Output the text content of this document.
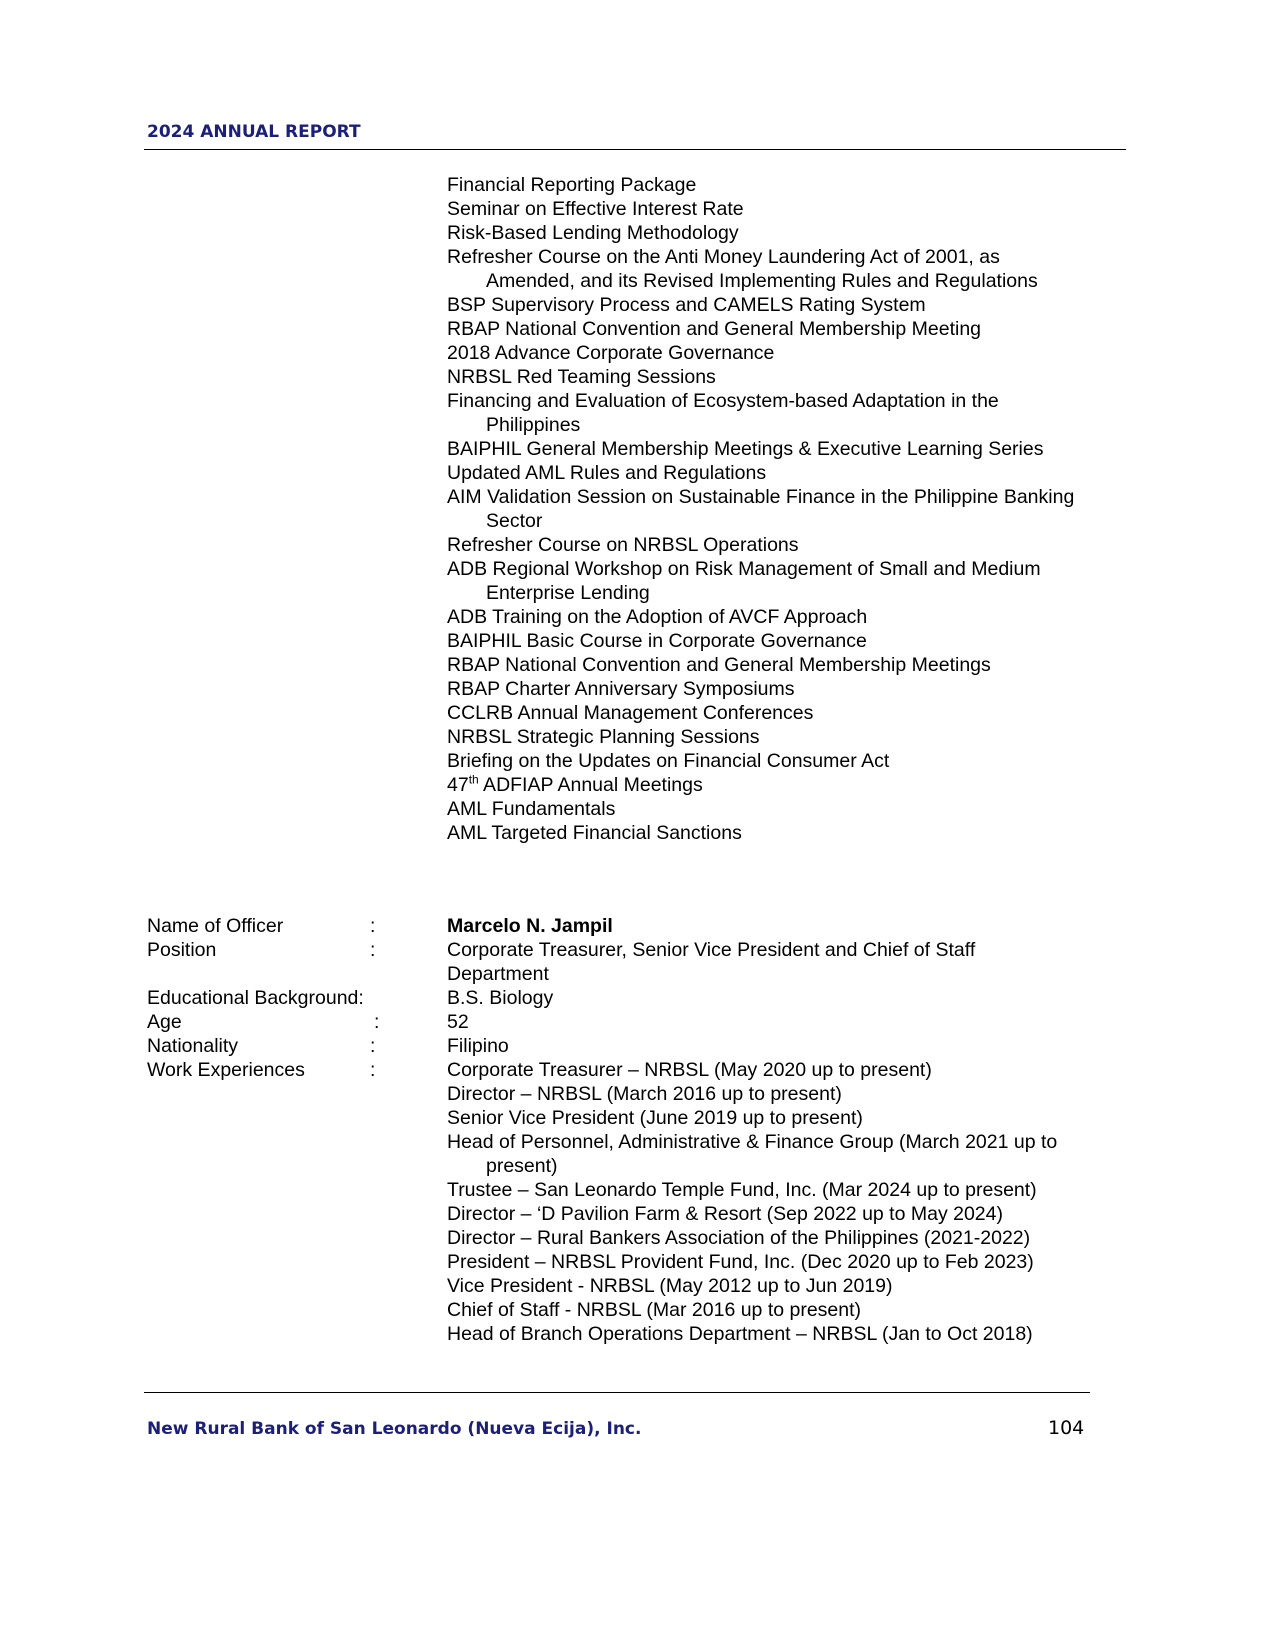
2024 ANNUAL REPORT
Financial Reporting Package
Seminar on Effective Interest Rate
Risk-Based Lending Methodology
Refresher Course on the Anti Money Laundering Act of 2001, as
Amended, and its Revised Implementing Rules and Regulations
BSP Supervisory Process and CAMELS Rating System
RBAP National Convention and General Membership Meeting
2018 Advance Corporate Governance
NRBSL Red Teaming Sessions
Financing and Evaluation of Ecosystem-based Adaptation in the
Philippines
BAIPHIL General Membership Meetings & Executive Learning Series
Updated AML Rules and Regulations
AIM Validation Session on Sustainable Finance in the Philippine Banking
Sector
Refresher Course on NRBSL Operations
ADB Regional Workshop on Risk Management of Small and Medium
Enterprise Lending
ADB Training on the Adoption of AVCF Approach
BAIPHIL Basic Course in Corporate Governance
RBAP National Convention and General Membership Meetings
RBAP Charter Anniversary Symposiums
CCLRB Annual Management Conferences
NRBSL Strategic Planning Sessions
Briefing on the Updates on Financial Consumer Act
47th ADFIAP Annual Meetings
AML Fundamentals
AML Targeted Financial Sanctions
Name of Officer	:	Marcelo N. Jampil
Position	:	Corporate Treasurer, Senior Vice President and Chief of Staff
Department
Educational Background:	B.S. Biology
Age	:	52
Nationality	:	Filipino
Work Experiences	:	Corporate Treasurer – NRBSL (May 2020 up to present)
Director – NRBSL (March 2016 up to present)
Senior Vice President (June 2019 up to present)
Head of Personnel, Administrative & Finance Group (March 2021 up to
present)
Trustee – San Leonardo Temple Fund, Inc. (Mar 2024 up to present)
Director – ‘D Pavilion Farm & Resort (Sep 2022 up to May 2024)
Director – Rural Bankers Association of the Philippines (2021-2022)
President – NRBSL Provident Fund, Inc. (Dec 2020 up to Feb 2023)
Vice President - NRBSL (May 2012 up to Jun 2019)
Chief of Staff - NRBSL (Mar 2016 up to present)
Head of Branch Operations Department – NRBSL (Jan to Oct 2018)
New Rural Bank of San Leonardo (Nueva Ecija), Inc.	104
